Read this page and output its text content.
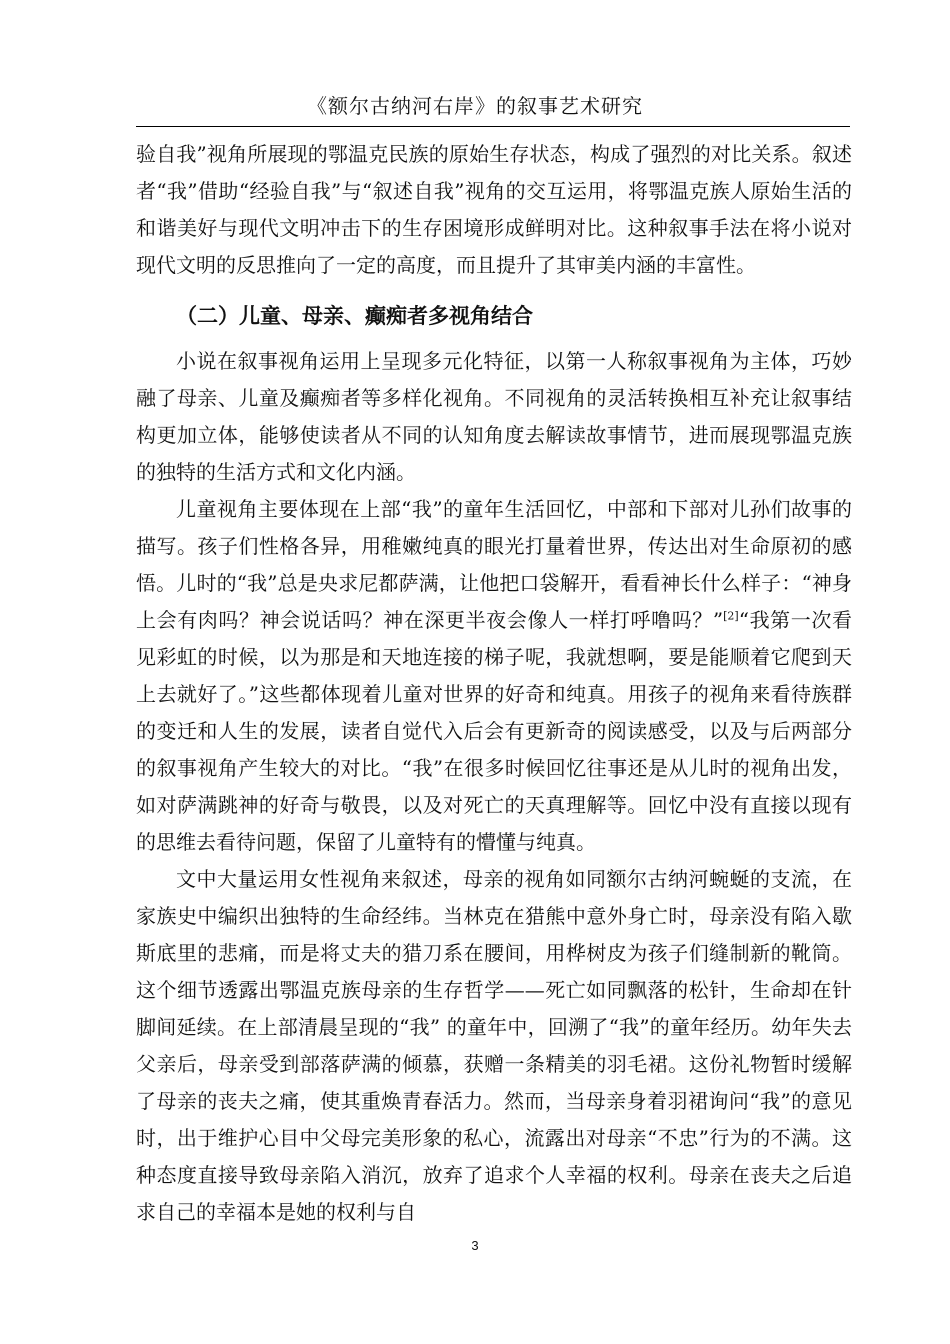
《额尔古纳河右岸》的叙事艺术研究

验自我”视角所展现的鄂温克民族的原始生存状态，构成了强烈的对比关系。叙述者“我”借助“经验自我”与“叙述自我”视角的交互运用，将鄂温克族人原始生活的和谐美好与现代文明冲击下的生存困境形成鲜明对比。这种叙事手法在将小说对现代文明的反思推向了一定的高度，而且提升了其审美内涵的丰富性。

（二）儿童、母亲、癫痴者多视角结合

小说在叙事视角运用上呈现多元化特征，以第一人称叙事视角为主体，巧妙融了母亲、儿童及癫痴者等多样化视角。不同视角的灵活转换相互补充让叙事结构更加立体，能够使读者从不同的认知角度去解读故事情节，进而展现鄂温克族的独特的生活方式和文化内涵。

儿童视角主要体现在上部“我”的童年生活回忆，中部和下部对儿孙们故事的描写。孩子们性格各异，用稚嫩纯真的眼光打量着世界，传达出对生命原初的感悟。儿时的“我”总是央求尼都萨满，让他把口袋解开，看看神长什么样子：“神身上会有肉吗？神会说话吗？神在深更半夜会像人一样打呼噜吗？”[2]“我第一次看见彩虹的时候，以为那是和天地连接的梯子呢，我就想啊，要是能顺着它爬到天上去就好了。”这些都体现着儿童对世界的好奇和纯真。用孩子的视角来看待族群的变迁和人生的发展，读者自觉代入后会有更新奇的阅读感受，以及与后两部分的叙事视角产生较大的对比。“我”在很多时候回忆往事还是从儿时的视角出发，如对萨满跳神的好奇与敬畏，以及对死亡的天真理解等。回忆中没有直接以现有的思维去看待问题，保留了儿童特有的懵懂与纯真。

文中大量运用女性视角来叙述，母亲的视角如同额尔古纳河蜿蜒的支流，在家族史中编织出独特的生命经纬。当林克在猎熊中意外身亡时，母亲没有陷入歇斯底里的悲痛，而是将丈夫的猎刀系在腰间，用桦树皮为孩子们缝制新的靴筒。这个细节透露出鄂温克族母亲的生存哲学——死亡如同飘落的松针，生命却在针脚间延续。在上部清晨呈现的“我” 的童年中，回溯了“我”的童年经历。幼年失去父亲后，母亲受到部落萨满的倾慕，获赠一条精美的羽毛裙。这份礼物暂时缓解了母亲的丧夫之痛，使其重焕青春活力。然而，当母亲身着羽裙询问“我”的意见时，出于维护心目中父母完美形象的私心，流露出对母亲“不忠”行为的不满。这种态度直接导致母亲陷入消沉，放弃了追求个人幸福的权利。母亲在丧夫之后追求自己的幸福本是她的权利与自

3
